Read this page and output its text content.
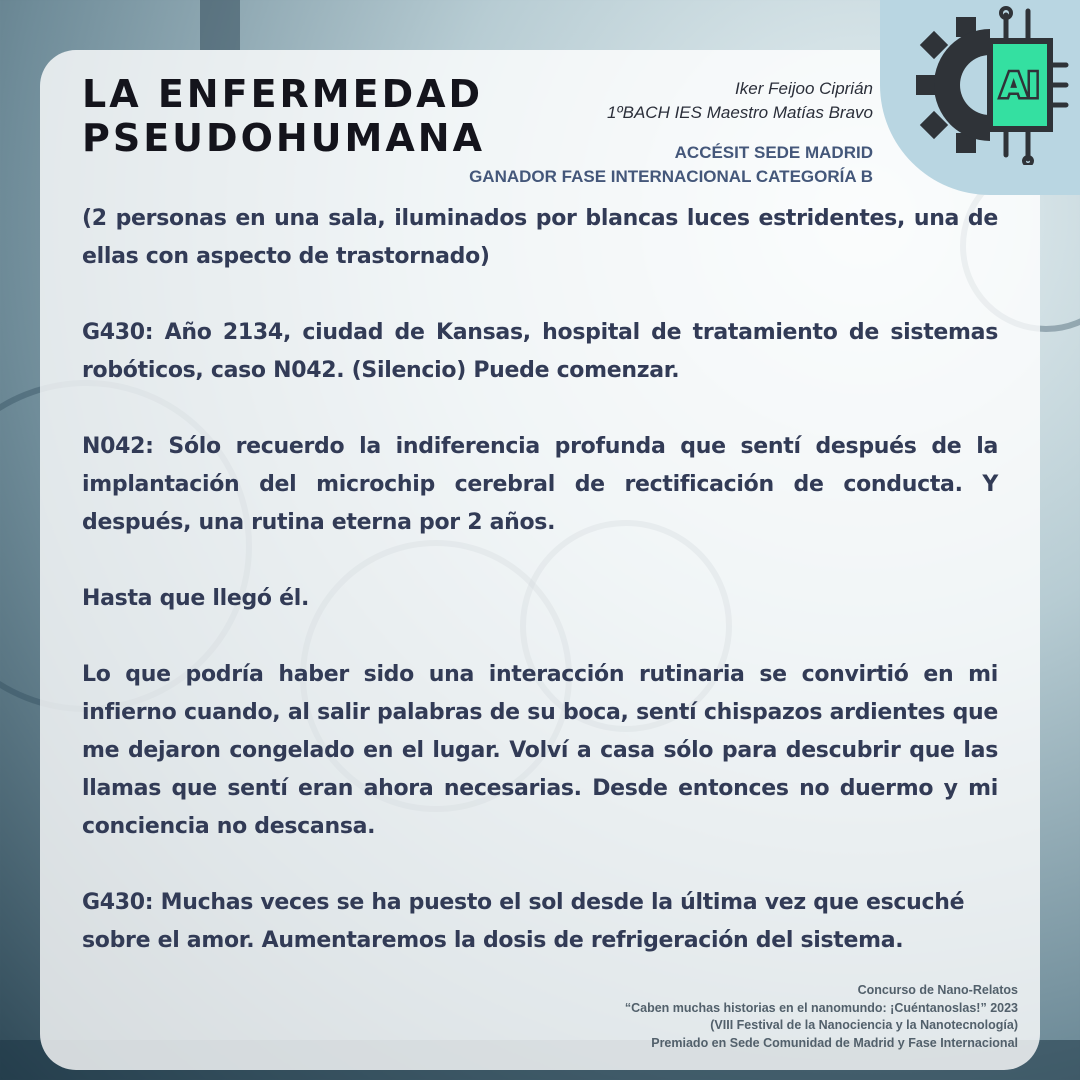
AI
LA ENFERMEDAD
PSEUDOHUMANA
Iker Feijoo Ciprián
1ºBACH IES Maestro Matías Bravo
ACCÉSIT SEDE MADRID
GANADOR FASE INTERNACIONAL CATEGORÍA B

(2 personas en una sala, iluminados por blancas luces estridentes, una de ellas con aspecto de trastornado)

G430: Año 2134, ciudad de Kansas, hospital de tratamiento de sistemas robóticos, caso N042. (Silencio) Puede comenzar.

N042: Sólo recuerdo la indiferencia profunda que sentí después de la implantación del microchip cerebral de rectificación de conducta. Y después, una rutina eterna por 2 años.

Hasta que llegó él.

Lo que podría haber sido una interacción rutinaria se convirtió en mi infierno cuando, al salir palabras de su boca, sentí chispazos ardientes que me dejaron congelado en el lugar. Volví a casa sólo para descubrir que las llamas que sentí eran ahora necesarias. Desde entonces no duermo y mi conciencia no descansa.

G430: Muchas veces se ha puesto el sol desde la última vez que escuché sobre el amor. Aumentaremos la dosis de refrigeración del sistema.

Concurso de Nano-Relatos
“Caben muchas historias en el nanomundo: ¡Cuéntanoslas!” 2023
(VIII Festival de la Nanociencia y la Nanotecnología)
Premiado en Sede Comunidad de Madrid y Fase Internacional
